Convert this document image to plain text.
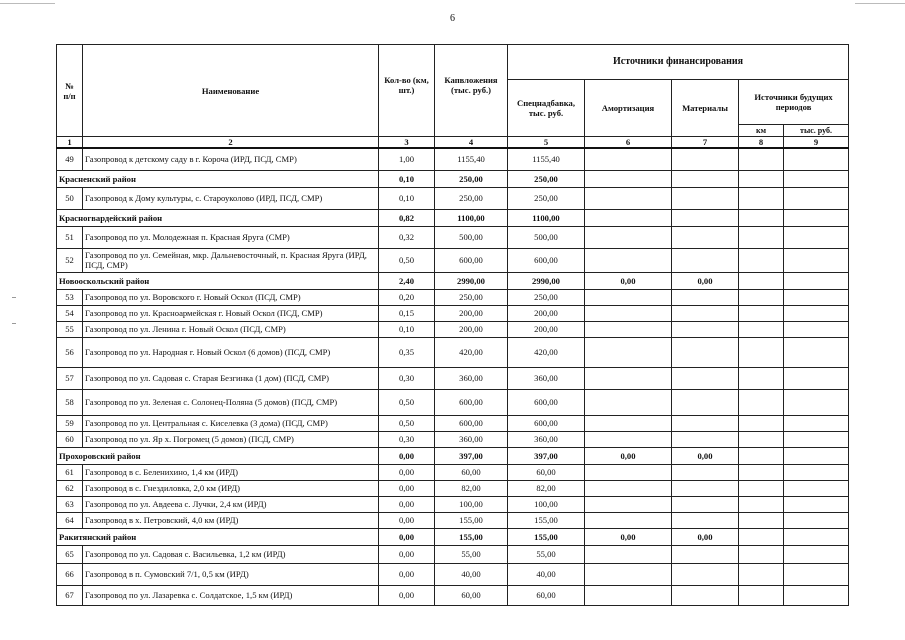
6
№
п/п	Наименование	Кол-во (км, шт.)	Капвложения (тыс. руб.)	Источники финансирования				
				Спецнадбавка, тыс. руб.	Амортизация	Материалы	Источники будущих периодов	
							км	тыс. руб.
1	2	3	4	5	6	7	8	9
49	Газопровод к детскому саду в г. Короча (ИРД, ПСД, СМР)	1,00	1155,40	1155,40				
Красненский район		0,10	250,00	250,00				
50	Газопровод к Дому культуры, с. Староуколово (ИРД, ПСД, СМР)	0,10	250,00	250,00				
Красногвардейский район		0,82	1100,00	1100,00				
51	Газопровод по ул. Молодежная п. Красная Яруга (СМР)	0,32	500,00	500,00				
52	Газопровод по ул. Семейная, мкр. Дальневосточный, п. Красная Яруга (ИРД, ПСД, СМР)	0,50	600,00	600,00				
Новооскольский район		2,40	2990,00	2990,00	0,00	0,00		
53	Газопровод по ул. Воровского г. Новый Оскол (ПСД, СМР)	0,20	250,00	250,00				
54	Газопровод по ул. Красноармейская г. Новый Оскол (ПСД, СМР)	0,15	200,00	200,00				
55	Газопровод по ул. Ленина г. Новый Оскол (ПСД, СМР)	0,10	200,00	200,00				
56	Газопровод по ул. Народная г. Новый Оскол (6 домов) (ПСД, СМР)	0,35	420,00	420,00				
57	Газопровод по ул. Садовая с. Старая Безгинка (1 дом) (ПСД, СМР)	0,30	360,00	360,00				
58	Газопровод по ул. Зеленая с. Солонец-Поляна (5 домов) (ПСД, СМР)	0,50	600,00	600,00				
59	Газопровод по ул. Центральная с. Киселевка (3 дома) (ПСД, СМР)	0,50	600,00	600,00				
60	Газопровод по ул. Яр х. Погромец (5 домов) (ПСД, СМР)	0,30	360,00	360,00				
Прохоровский район		0,00	397,00	397,00	0,00	0,00		
61	Газопровод в с. Беленихино, 1,4 км (ИРД)	0,00	60,00	60,00				
62	Газопровод в с. Гнездиловка, 2,0 км (ИРД)	0,00	82,00	82,00				
63	Газопровод по ул. Авдеева с. Лучки, 2,4 км (ИРД)	0,00	100,00	100,00				
64	Газопровод в х. Петровский, 4,0 км (ИРД)	0,00	155,00	155,00				
Ракитянский район		0,00	155,00	155,00	0,00	0,00		
65	Газопровод по ул. Садовая с. Васильевка, 1,2 км (ИРД)	0,00	55,00	55,00				
66	Газопровод в п. Сумовский 7/1, 0,5 км (ИРД)	0,00	40,00	40,00				
67	Газопровод по ул. Лазаревка с. Солдатское, 1,5 км (ИРД)	0,00	60,00	60,00				
